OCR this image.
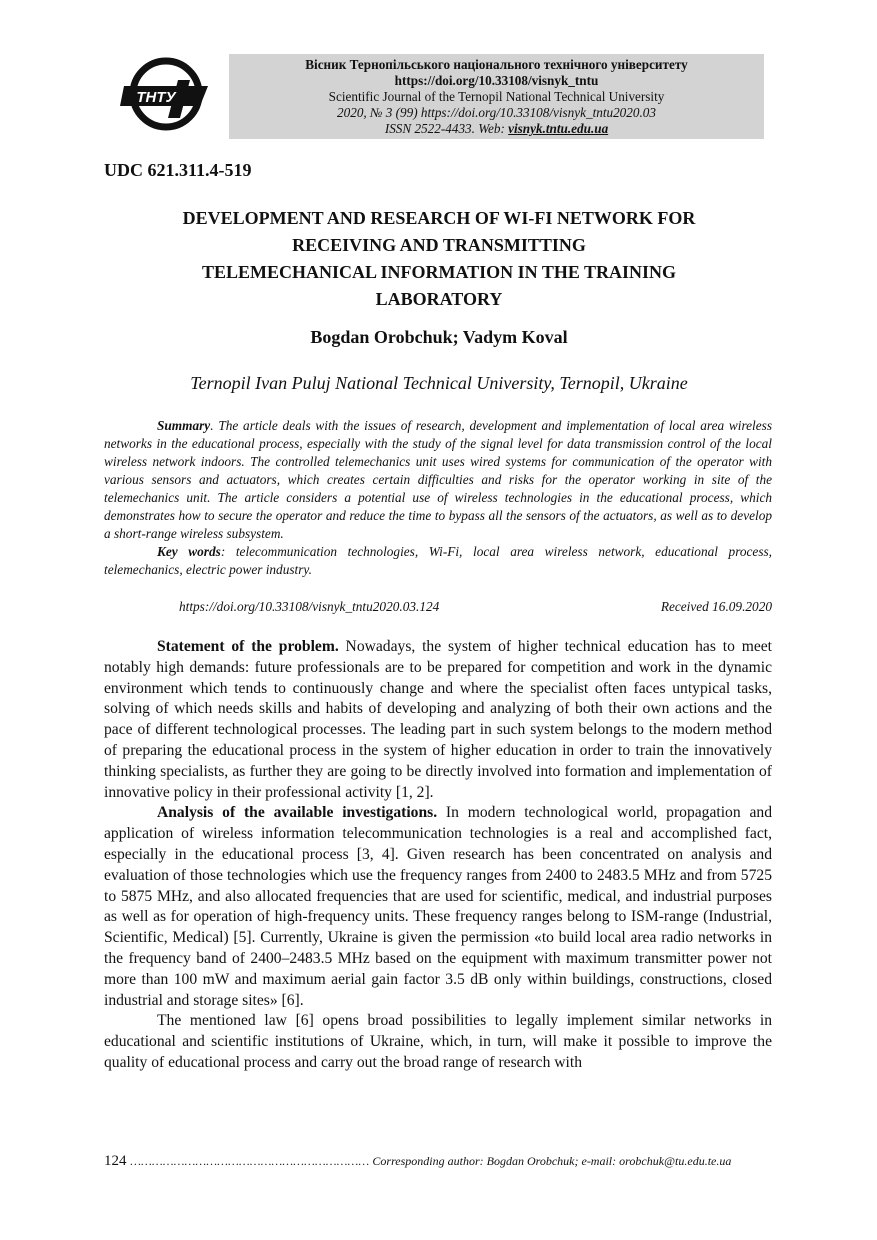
ТНТУ
Вісник Тернопільського національного технічного університету
https://doi.org/10.33108/visnyk_tntu
Scientific Journal of the Ternopil National Technical University
2020, № 3 (99) https://doi.org/10.33108/visnyk_tntu2020.03
ISSN 2522-4433. Web: visnyk.tntu.edu.ua
UDC 621.311.4-519
DEVELOPMENT AND RESEARCH OF WI-FI NETWORK FOR
RECEIVING AND TRANSMITTING
TELEMECHANICAL INFORMATION IN THE TRAINING
LABORATORY
Bogdan Orobchuk; Vadym Koval
Ternopil Ivan Puluj National Technical University, Ternopil, Ukraine

Summary. The article deals with the issues of research, development and implementation of local area wireless networks in the educational process, especially with the study of the signal level for data transmission control of the local wireless network indoors. The controlled telemechanics unit uses wired systems for communication of the operator with various sensors and actuators, which creates certain difficulties and risks for the operator working in site of the telemechanics unit. The article considers a potential use of wireless technologies in the educational process, which demonstrates how to secure the operator and reduce the time to bypass all the sensors of the actuators, as well as to develop a short-range wireless subsystem.

Key words: telecommunication technologies, Wi-Fi, local area wireless network, educational process, telemechanics, electric power industry.

https://doi.org/10.33108/visnyk_tntu2020.03.124	Received 16.09.2020

Statement of the problem. Nowadays, the system of higher technical education has to meet notably high demands: future professionals are to be prepared for competition and work in the dynamic environment which tends to continuously change and where the specialist often faces untypical tasks, solving of which needs skills and habits of developing and analyzing of both their own actions and the pace of different technological processes. The leading part in such system belongs to the modern method of preparing the educational process in the system of higher education in order to train the innovatively thinking specialists, as further they are going to be directly involved into formation and implementation of innovative policy in their professional activity [1, 2].

Analysis of the available investigations. In modern technological world, propagation and application of wireless information telecommunication technologies is a real and accomplished fact, especially in the educational process [3, 4]. Given research has been concentrated on analysis and evaluation of those technologies which use the frequency ranges from 2400 to 2483.5 MHz and from 5725 to 5875 MHz, and also allocated frequencies that are used for scientific, medical, and industrial purposes as well as for operation of high-frequency units. These frequency ranges belong to ISM-range (Industrial, Scientific, Medical) [5]. Currently, Ukraine is given the permission «to build local area radio networks in the frequency band of 2400–2483.5 MHz based on the equipment with maximum transmitter power not more than 100 mW and maximum aerial gain factor 3.5 dB only within buildings, constructions, closed industrial and storage sites» [6].

The mentioned law [6] opens broad possibilities to legally implement similar networks in educational and scientific institutions of Ukraine, which, in turn, will make it possible to improve the quality of educational process and carry out the broad range of research with

124 ………………………………………………………… Corresponding author: Bogdan Orobchuk; e-mail: orobchuk@tu.edu.te.ua
